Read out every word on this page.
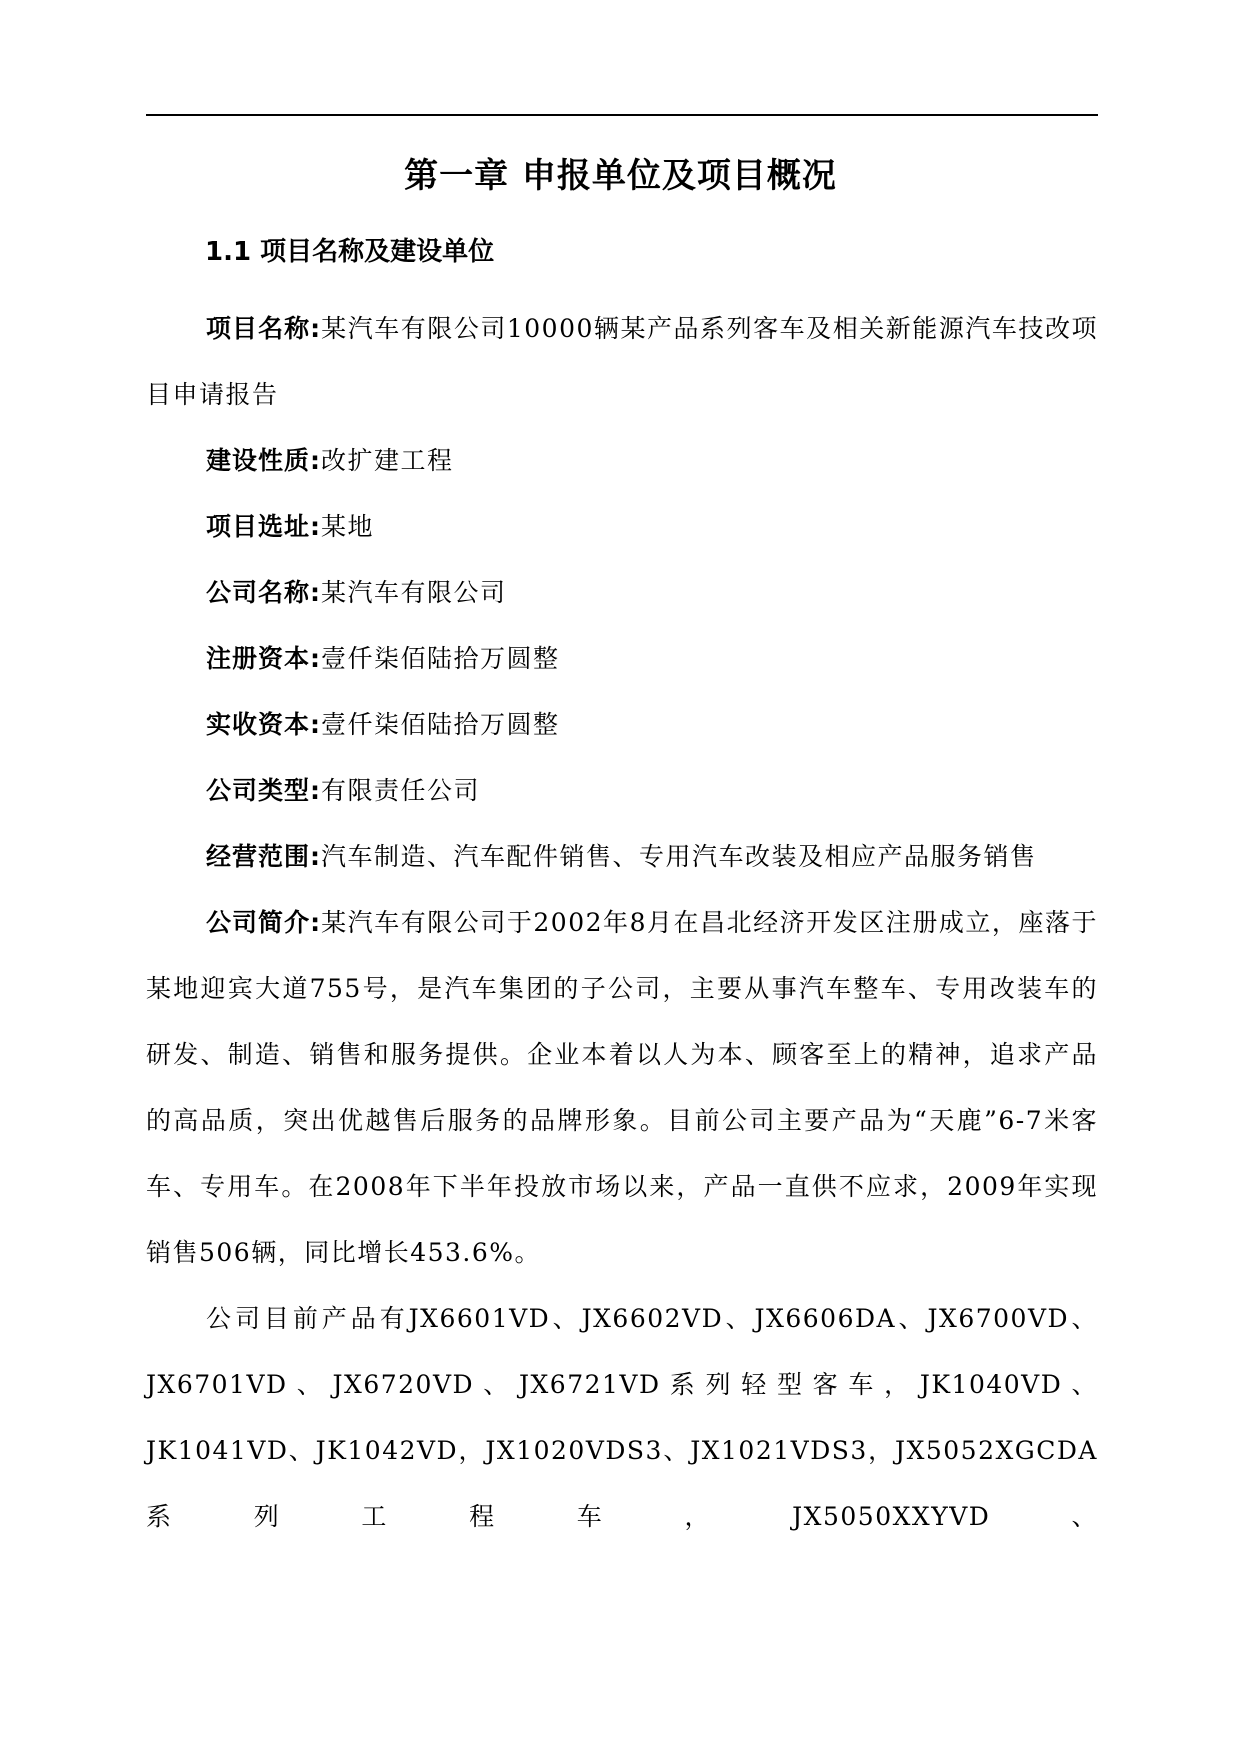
第一章 申报单位及项目概况
1.1 项目名称及建设单位

项目名称:某汽车有限公司10000辆某产品系列客车及相关新能源汽车技改项目申请报告

建设性质:改扩建工程

项目选址:某地

公司名称:某汽车有限公司

注册资本:壹仟柒佰陆拾万圆整

实收资本:壹仟柒佰陆拾万圆整

公司类型:有限责任公司

经营范围:汽车制造、汽车配件销售、专用汽车改装及相应产品服务销售

公司简介:某汽车有限公司于2002年8月在昌北经济开发区注册成立，座落于某地迎宾大道755号，是汽车集团的子公司，主要从事汽车整车、专用改装车的研发、制造、销售和服务提供。企业本着以人为本、顾客至上的精神，追求产品的高品质，突出优越售后服务的品牌形象。目前公司主要产品为“天鹿”6-7米客车、专用车。在2008年下半年投放市场以来，产品一直供不应求，2009年实现销售506辆，同比增长453.6%。

公司目前产品有JX6601VD、JX6602VD、JX6606DA、JX6700VD、JX6701VD、JX6720VD、JX6721VD系列轻型客车，JK1040VD、JK1041VD、JK1042VD，JX1020VDS3、JX1021VDS3，JX5052XGCDA系列工程车，JX5050XXYVD、
